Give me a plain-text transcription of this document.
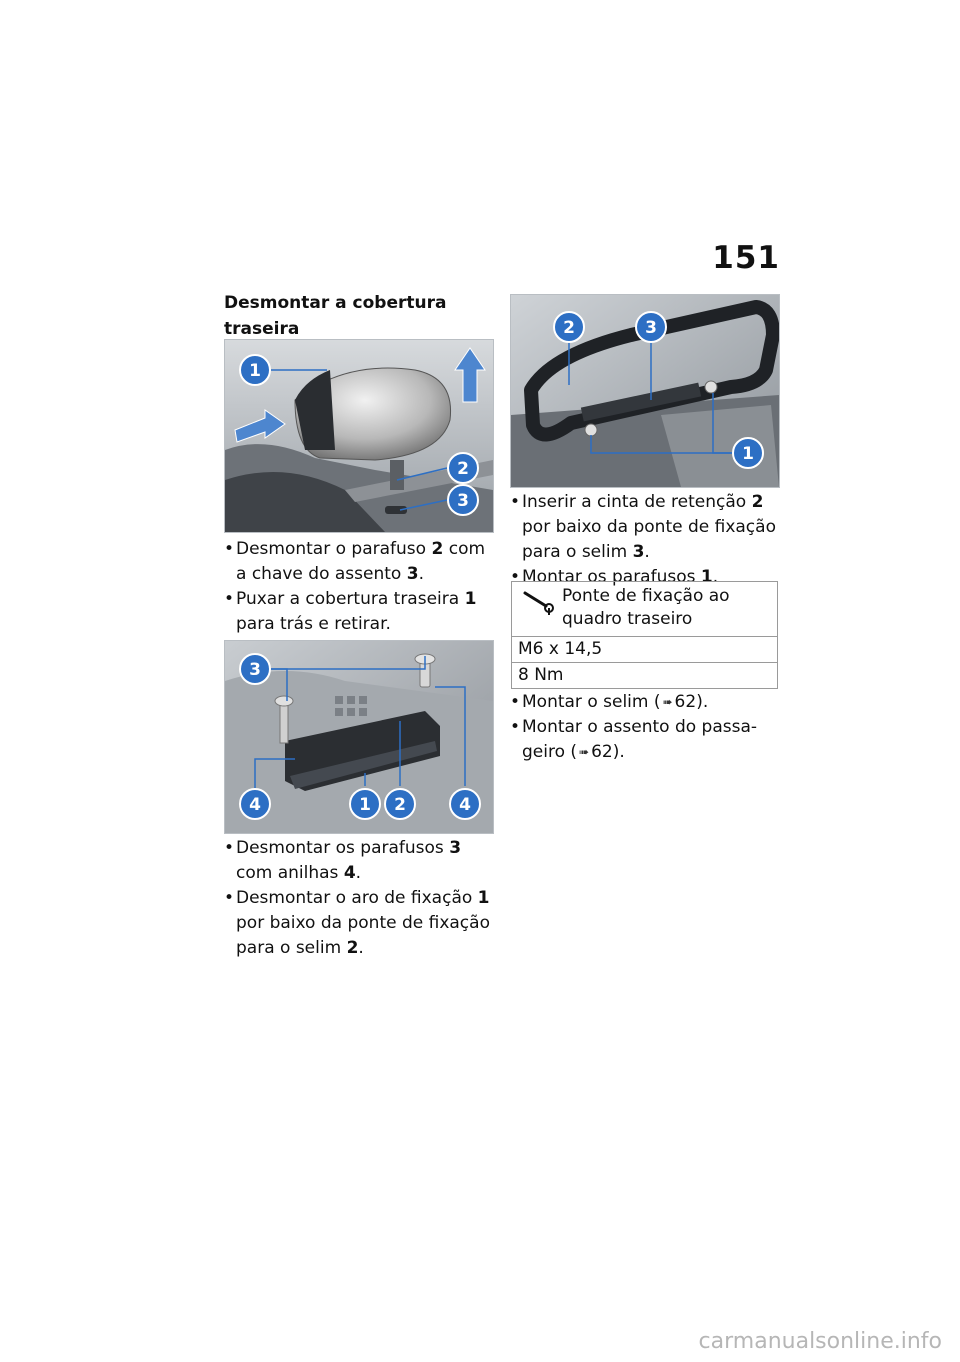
151
Desmontar a cobertura traseira
1
2
3
• Desmontar o parafuso 2 com a chave do assento 3.
• Puxar a cobertura traseira 1 para trás e retirar.
3
4	1 2	4
• Desmontar os parafusos 3 com anilhas 4.
• Desmontar o aro de fixação 1 por baixo da ponte de fixação para o selim 2.
2	3
1
• Inserir a cinta de retenção 2 por baixo da ponte de fixação para o selim 3.
• Montar os parafusos 1.
Ponte de fixação ao quadro traseiro

M6 x 14,5
8 Nm
• Montar o selim ( ➠ 62).
• Montar o assento do passa-geiro ( ➠ 62).
carmanualsonline.info
